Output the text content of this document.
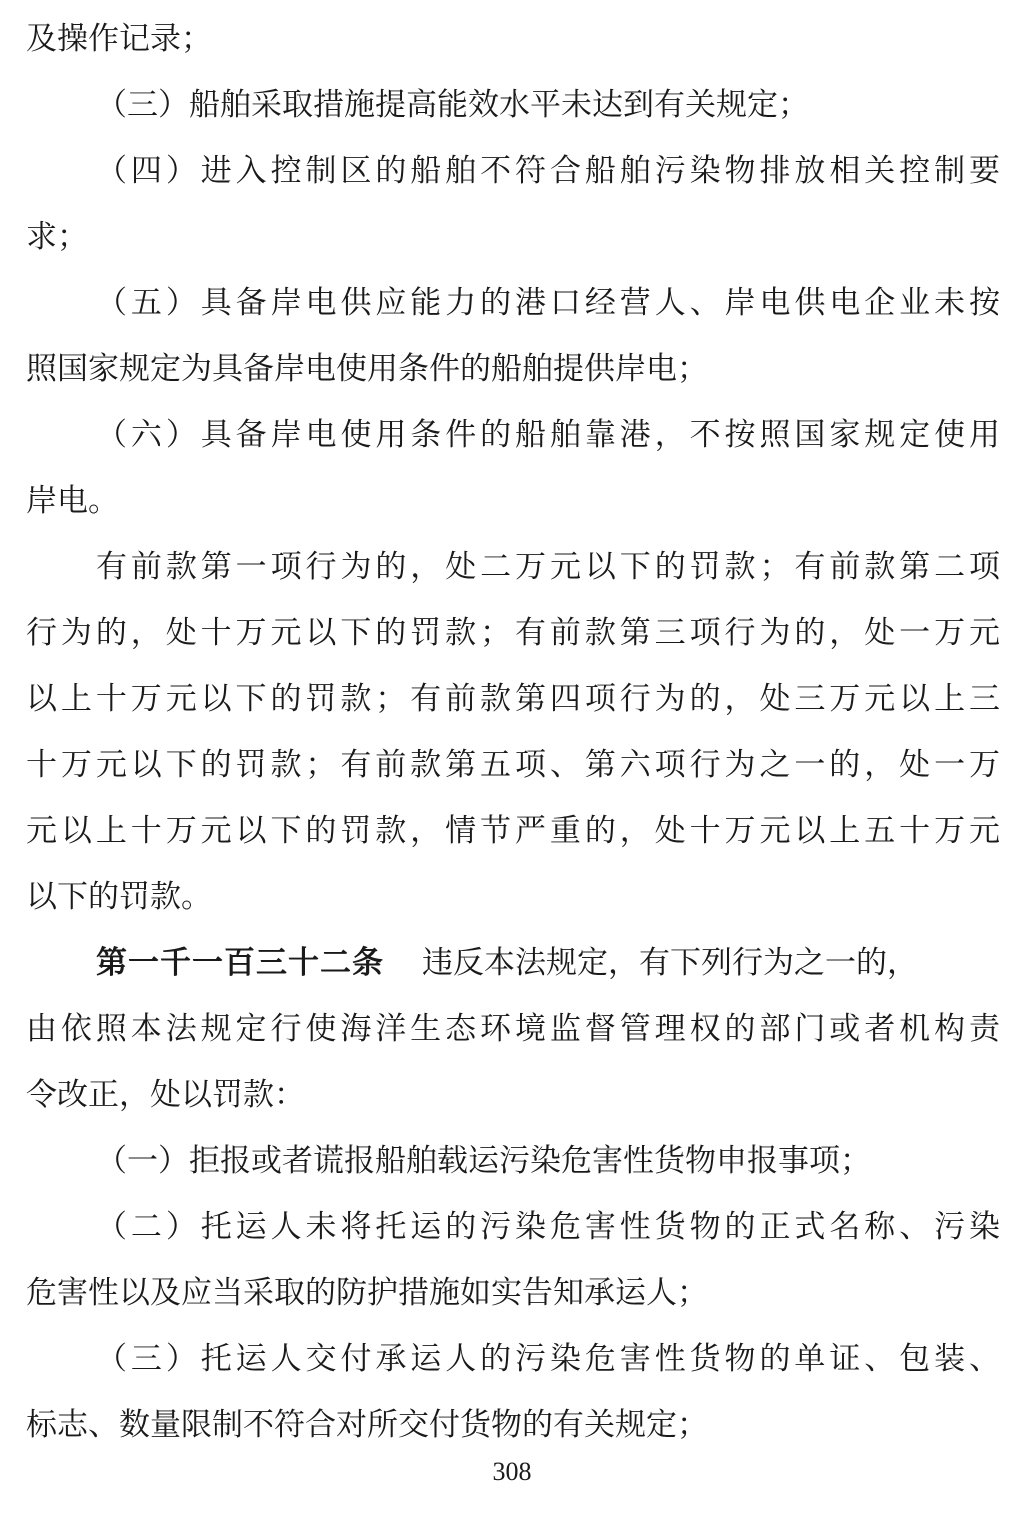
及操作记录；
（三）船舶采取措施提高能效水平未达到有关规定；
（四）进入控制区的船舶不符合船舶污染物排放相关控制要
求；
（五）具备岸电供应能力的港口经营人、岸电供电企业未按
照国家规定为具备岸电使用条件的船舶提供岸电；
（六）具备岸电使用条件的船舶靠港，不按照国家规定使用
岸电。
有前款第一项行为的，处二万元以下的罚款；有前款第二项
行为的，处十万元以下的罚款；有前款第三项行为的，处一万元
以上十万元以下的罚款；有前款第四项行为的，处三万元以上三
十万元以下的罚款；有前款第五项、第六项行为之一的，处一万
元以上十万元以下的罚款，情节严重的，处十万元以上五十万元
以下的罚款。
第一千一百三十二条 违反本法规定，有下列行为之一的，
由依照本法规定行使海洋生态环境监督管理权的部门或者机构责
令改正，处以罚款：
（一）拒报或者谎报船舶载运污染危害性货物申报事项；
（二）托运人未将托运的污染危害性货物的正式名称、污染
危害性以及应当采取的防护措施如实告知承运人；
（三）托运人交付承运人的污染危害性货物的单证、包装、
标志、数量限制不符合对所交付货物的有关规定；
308
